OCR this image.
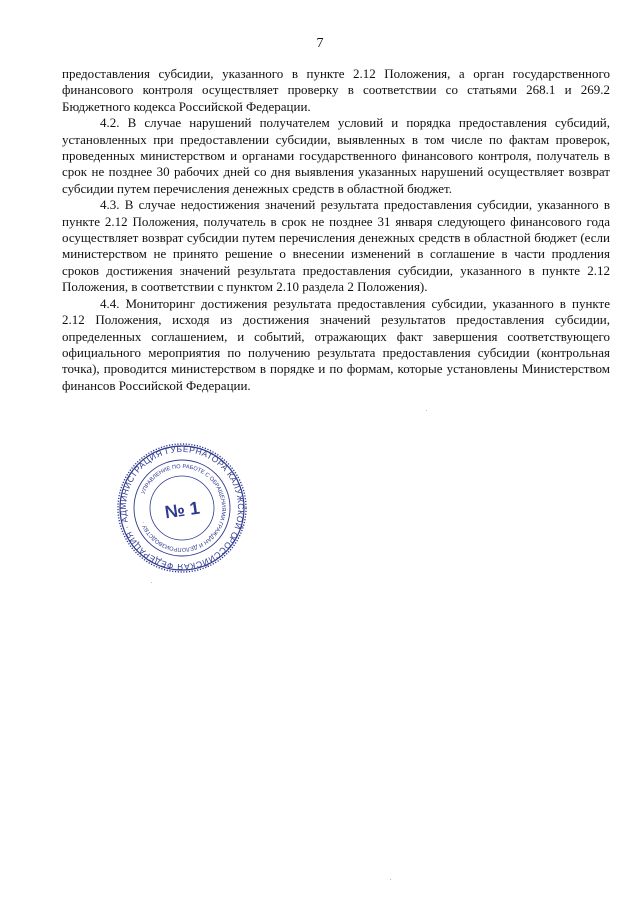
7

предоставления субсидии, указанного в пункте 2.12 Положения, а орган государственного финансового контроля осуществляет проверку в соответствии со статьями 268.1 и 269.2 Бюджетного кодекса Российской Федерации.

4.2. В случае нарушений получателем условий и порядка предоставления субсидий, установленных при предоставлении субсидии, выявленных в том числе по фактам проверок, проведенных министерством и органами государственного финансового контроля, получатель в срок не позднее 30 рабочих дней со дня выявления указанных нарушений осуществляет возврат субсидии путем перечисления денежных средств в областной бюджет.

4.3. В случае недостижения значений результата предоставления субсидии, указанного в пункте 2.12 Положения, получатель в срок не позднее 31 января следующего финансового года осуществляет возврат субсидии путем перечисления денежных средств в областной бюджет (если министерством не принято решение о внесении изменений в соглашение в части продления сроков достижения значений результата предоставления субсидии, указанного в пункте 2.12 Положения, в соответствии с пунктом 2.10 раздела 2 Положения).

4.4. Мониторинг достижения результата предоставления субсидии, указанного в пункте 2.12 Положения, исходя из достижения значений результатов предоставления субсидии, определенных соглашением, и событий, отражающих факт завершения соответствующего официального мероприятия по получению результата предоставления субсидии (контрольная точка), проводится министерством в порядке и по формам, которые установлены Министерством финансов Российской Федерации.

РОССИЙСКАЯ ФЕДЕРАЦИЯ · АДМИНИСТРАЦИЯ ГУБЕРНАТОРА КАЛУЖСКОЙ ОБЛАСТИ
УПРАВЛЕНИЕ ПО РАБОТЕ С ОБРАЩЕНИЯМИ ГРАЖДАН И ДЕЛОПРОИЗВОДСТВУ ·
№ 1
